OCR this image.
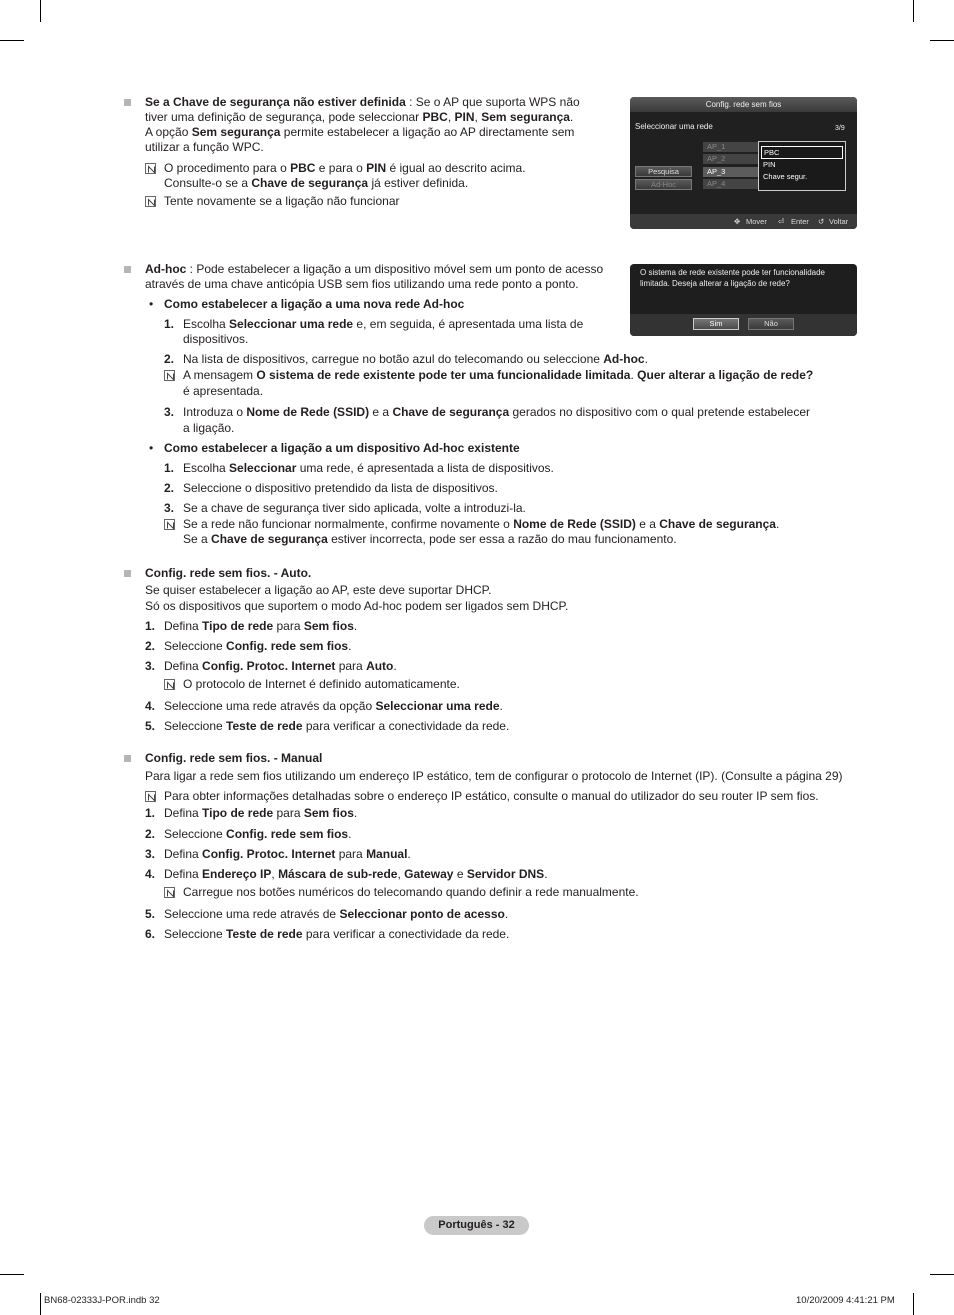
Se a Chave de segurança não estiver definida : Se o AP que suporta WPS não
tiver uma definição de segurança, pode seleccionar PBC, PIN, Sem segurança.
A opção Sem segurança permite estabelecer a ligação ao AP directamente sem
utilizar a função WPC.
O procedimento para o PBC e para o PIN é igual ao descrito acima.
Consulte-o se a Chave de segurança já estiver definida.
Tente novamente se a ligação não funcionar
Config. rede sem fios
Seleccionar uma rede	3/9
Pesquisa
Ad-Hoc
AP_1
AP_2
AP_3
AP_4
PBC
PIN
Chave segur.
✥ Mover ⏎ Enter ↺ Voltar
Ad-hoc : Pode estabelecer a ligação a um dispositivo móvel sem um ponto de acesso
através de uma chave anticópia USB sem fios utilizando uma rede ponto a ponto.
• Como estabelecer a ligação a uma nova rede Ad-hoc
1. Escolha Seleccionar uma rede e, em seguida, é apresentada uma lista de
dispositivos.
2. Na lista de dispositivos, carregue no botão azul do telecomando ou seleccione Ad-hoc.
A mensagem O sistema de rede existente pode ter uma funcionalidade limitada. Quer alterar a ligação de rede?
é apresentada.
3. Introduza o Nome de Rede (SSID) e a Chave de segurança gerados no dispositivo com o qual pretende estabelecer
a ligação.
• Como estabelecer a ligação a um dispositivo Ad-hoc existente
1. Escolha Seleccionar uma rede, é apresentada a lista de dispositivos.
2. Seleccione o dispositivo pretendido da lista de dispositivos.
3. Se a chave de segurança tiver sido aplicada, volte a introduzi-la.
Se a rede não funcionar normalmente, confirme novamente o Nome de Rede (SSID) e a Chave de segurança.
Se a Chave de segurança estiver incorrecta, pode ser essa a razão do mau funcionamento.
O sistema de rede existente pode ter funcionalidade
limitada. Deseja alterar a ligação de rede?
Sim	Não
Config. rede sem fios. - Auto.
Se quiser estabelecer a ligação ao AP, este deve suportar DHCP.
Só os dispositivos que suportem o modo Ad-hoc podem ser ligados sem DHCP.
1. Defina Tipo de rede para Sem fios.
2. Seleccione Config. rede sem fios.
3. Defina Config. Protoc. Internet para Auto.
O protocolo de Internet é definido automaticamente.
4. Seleccione uma rede através da opção Seleccionar uma rede.
5. Seleccione Teste de rede para verificar a conectividade da rede.
Config. rede sem fios. - Manual
Para ligar a rede sem fios utilizando um endereço IP estático, tem de configurar o protocolo de Internet (IP). (Consulte a página 29)
Para obter informações detalhadas sobre o endereço IP estático, consulte o manual do utilizador do seu router IP sem fios.
1. Defina Tipo de rede para Sem fios.
2. Seleccione Config. rede sem fios.
3. Defina Config. Protoc. Internet para Manual.
4. Defina Endereço IP, Máscara de sub-rede, Gateway e Servidor DNS.
Carregue nos botões numéricos do telecomando quando definir a rede manualmente.
5. Seleccione uma rede através de Seleccionar ponto de acesso.
6. Seleccione Teste de rede para verificar a conectividade da rede.
Português - 32
BN68-02333J-POR.indb 32	10/20/2009 4:41:21 PM
